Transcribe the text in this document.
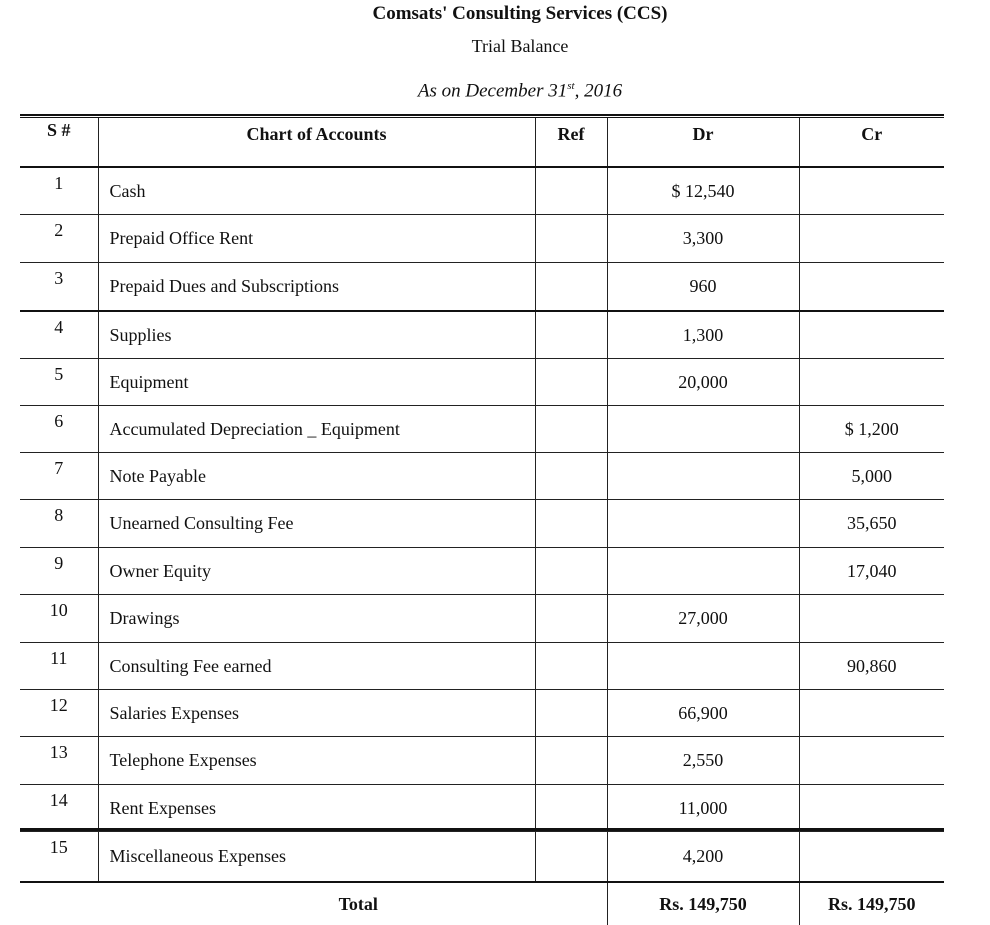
Comsats' Consulting Services (CCS)
Trial Balance
As on December 31st, 2016
S #	Chart of Accounts	Ref	Dr	Cr
1	Cash		$ 12,540	
2	Prepaid Office Rent		3,300	
3	Prepaid Dues and Subscriptions		960	
4	Supplies		1,300	
5	Equipment		20,000	
6	Accumulated Depreciation _ Equipment			$ 1,200
7	Note Payable			5,000
8	Unearned Consulting Fee			35,650
9	Owner Equity			17,040
10	Drawings		27,000	
11	Consulting Fee earned			90,860
12	Salaries Expenses		66,900	
13	Telephone Expenses		2,550	
14	Rent Expenses		11,000	
15	Miscellaneous Expenses		4,200	
Total			Rs. 149,750	Rs. 149,750
